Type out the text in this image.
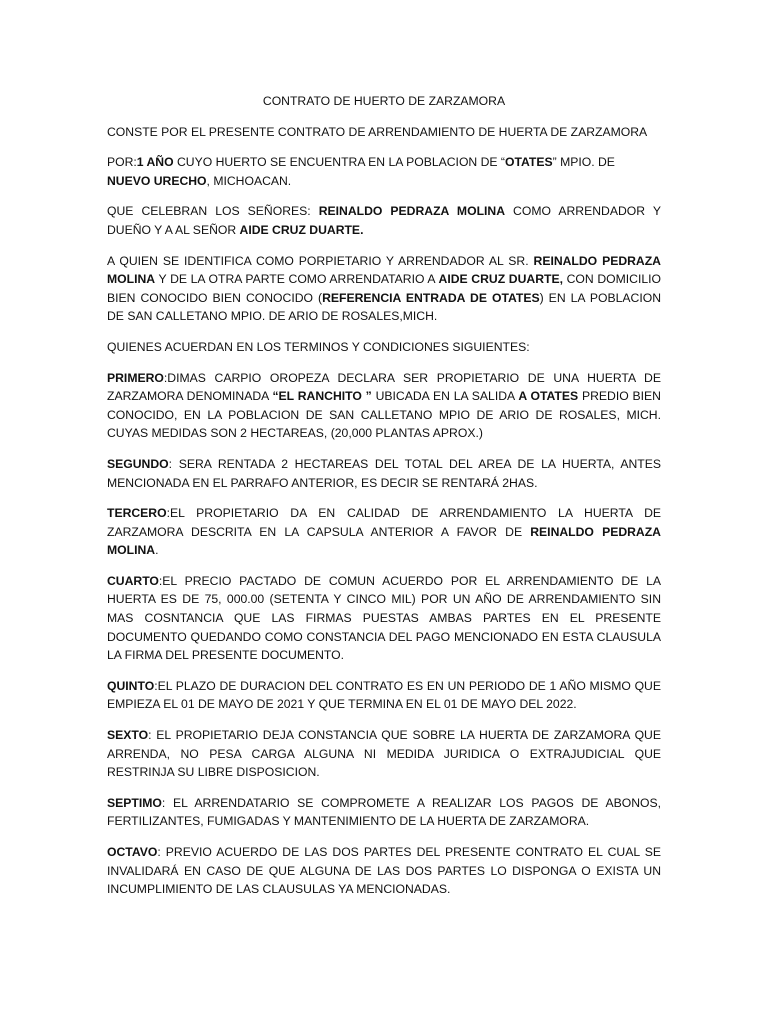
CONTRATO DE HUERTO DE ZARZAMORA

CONSTE POR EL PRESENTE CONTRATO DE ARRENDAMIENTO DE HUERTA DE ZARZAMORA

POR:1 AÑO CUYO HUERTO SE ENCUENTRA EN LA POBLACION DE “OTATES” MPIO. DE NUEVO URECHO, MICHOACAN.

QUE CELEBRAN LOS SEÑORES: REINALDO PEDRAZA MOLINA COMO ARRENDADOR Y DUEÑO Y A AL SEÑOR AIDE CRUZ DUARTE.

A QUIEN SE IDENTIFICA COMO PORPIETARIO Y ARRENDADOR AL SR. REINALDO PEDRAZA MOLINA Y DE LA OTRA PARTE COMO ARRENDATARIO A AIDE CRUZ DUARTE, CON DOMICILIO BIEN CONOCIDO BIEN CONOCIDO (REFERENCIA ENTRADA DE OTATES) EN LA POBLACION DE SAN CALLETANO MPIO. DE ARIO DE ROSALES,MICH.

QUIENES ACUERDAN EN LOS TERMINOS Y CONDICIONES SIGUIENTES:

PRIMERO:DIMAS CARPIO OROPEZA DECLARA SER PROPIETARIO DE UNA HUERTA DE ZARZAMORA DENOMINADA “EL RANCHITO ” UBICADA EN LA SALIDA A OTATES PREDIO BIEN CONOCIDO, EN LA POBLACION DE SAN CALLETANO MPIO DE ARIO DE ROSALES, MICH. CUYAS MEDIDAS SON 2 HECTAREAS, (20,000 PLANTAS APROX.)

SEGUNDO: SERA RENTADA 2 HECTAREAS DEL TOTAL DEL AREA DE LA HUERTA, ANTES MENCIONADA EN EL PARRAFO ANTERIOR, ES DECIR SE RENTARÁ 2HAS.

TERCERO:EL PROPIETARIO DA EN CALIDAD DE ARRENDAMIENTO LA HUERTA DE ZARZAMORA DESCRITA EN LA CAPSULA ANTERIOR A FAVOR DE REINALDO PEDRAZA MOLINA.

CUARTO:EL PRECIO PACTADO DE COMUN ACUERDO POR EL ARRENDAMIENTO DE LA HUERTA ES DE 75, 000.00 (SETENTA Y CINCO MIL) POR UN AÑO DE ARRENDAMIENTO SIN MAS COSNTANCIA QUE LAS FIRMAS PUESTAS AMBAS PARTES EN EL PRESENTE DOCUMENTO QUEDANDO COMO CONSTANCIA DEL PAGO MENCIONADO EN ESTA CLAUSULA LA FIRMA DEL PRESENTE DOCUMENTO.

QUINTO:EL PLAZO DE DURACION DEL CONTRATO ES EN UN PERIODO DE 1 AÑO MISMO QUE EMPIEZA EL 01 DE MAYO DE 2021 Y QUE TERMINA EN EL 01 DE MAYO DEL 2022.

SEXTO: EL PROPIETARIO DEJA CONSTANCIA QUE SOBRE LA HUERTA DE ZARZAMORA QUE ARRENDA, NO PESA CARGA ALGUNA NI MEDIDA JURIDICA O EXTRAJUDICIAL QUE RESTRINJA SU LIBRE DISPOSICION.

SEPTIMO: EL ARRENDATARIO SE COMPROMETE A REALIZAR LOS PAGOS DE ABONOS, FERTILIZANTES, FUMIGADAS Y MANTENIMIENTO DE LA HUERTA DE ZARZAMORA.

OCTAVO: PREVIO ACUERDO DE LAS DOS PARTES DEL PRESENTE CONTRATO EL CUAL SE INVALIDARÁ EN CASO DE QUE ALGUNA DE LAS DOS PARTES LO DISPONGA O EXISTA UN INCUMPLIMIENTO DE LAS CLAUSULAS YA MENCIONADAS.
